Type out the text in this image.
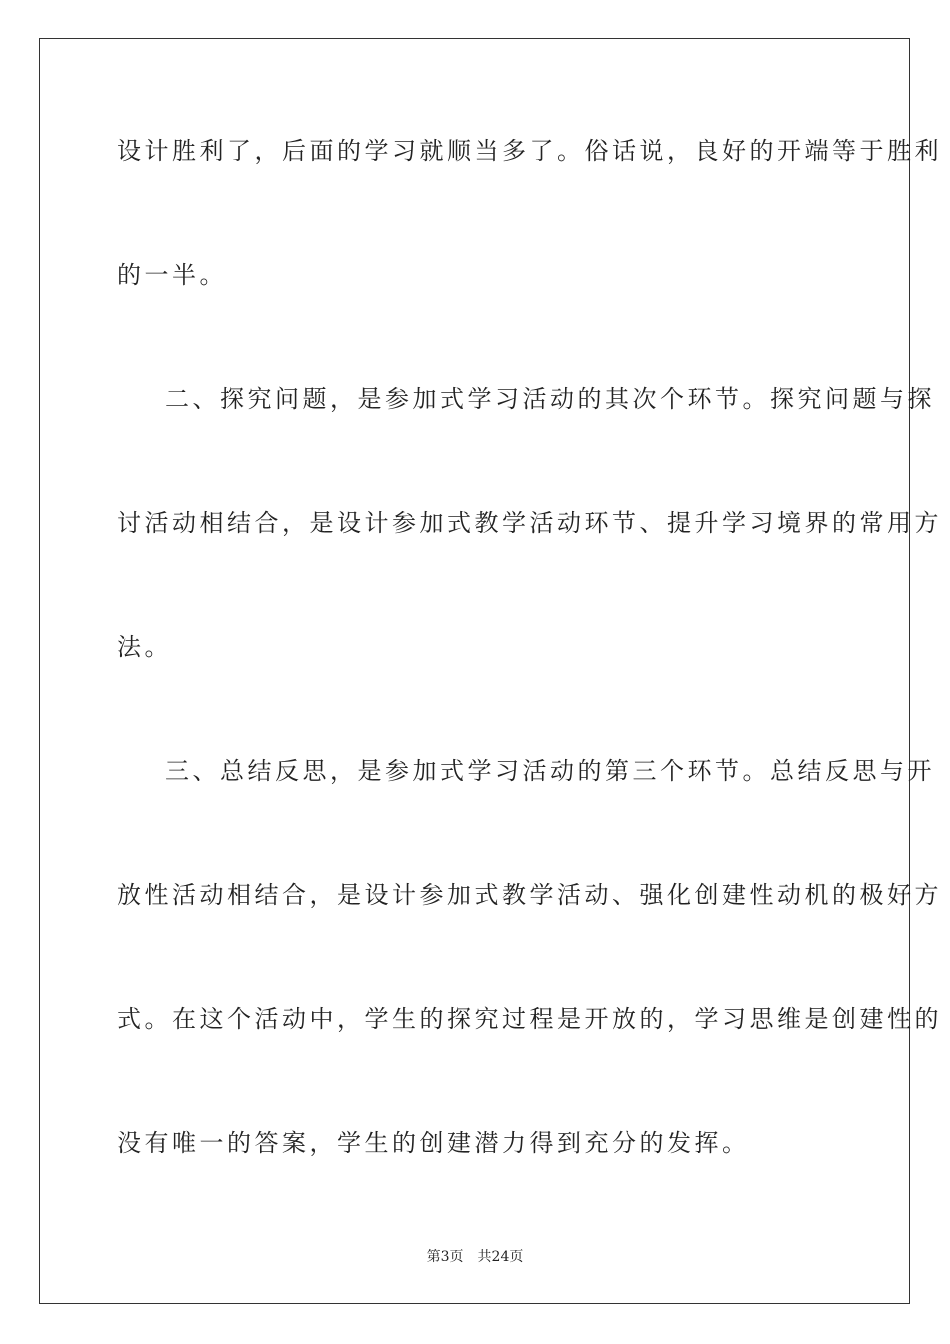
设计胜利了，后面的学习就顺当多了。俗话说，良好的开端等于胜利
的一半。
二、探究问题，是参加式学习活动的其次个环节。探究问题与探
讨活动相结合，是设计参加式教学活动环节、提升学习境界的常用方
法。
三、总结反思，是参加式学习活动的第三个环节。总结反思与开
放性活动相结合，是设计参加式教学活动、强化创建性动机的极好方
式。在这个活动中，学生的探究过程是开放的，学习思维是创建性的
没有唯一的答案，学生的创建潜力得到充分的发挥。
第3页 共24页
